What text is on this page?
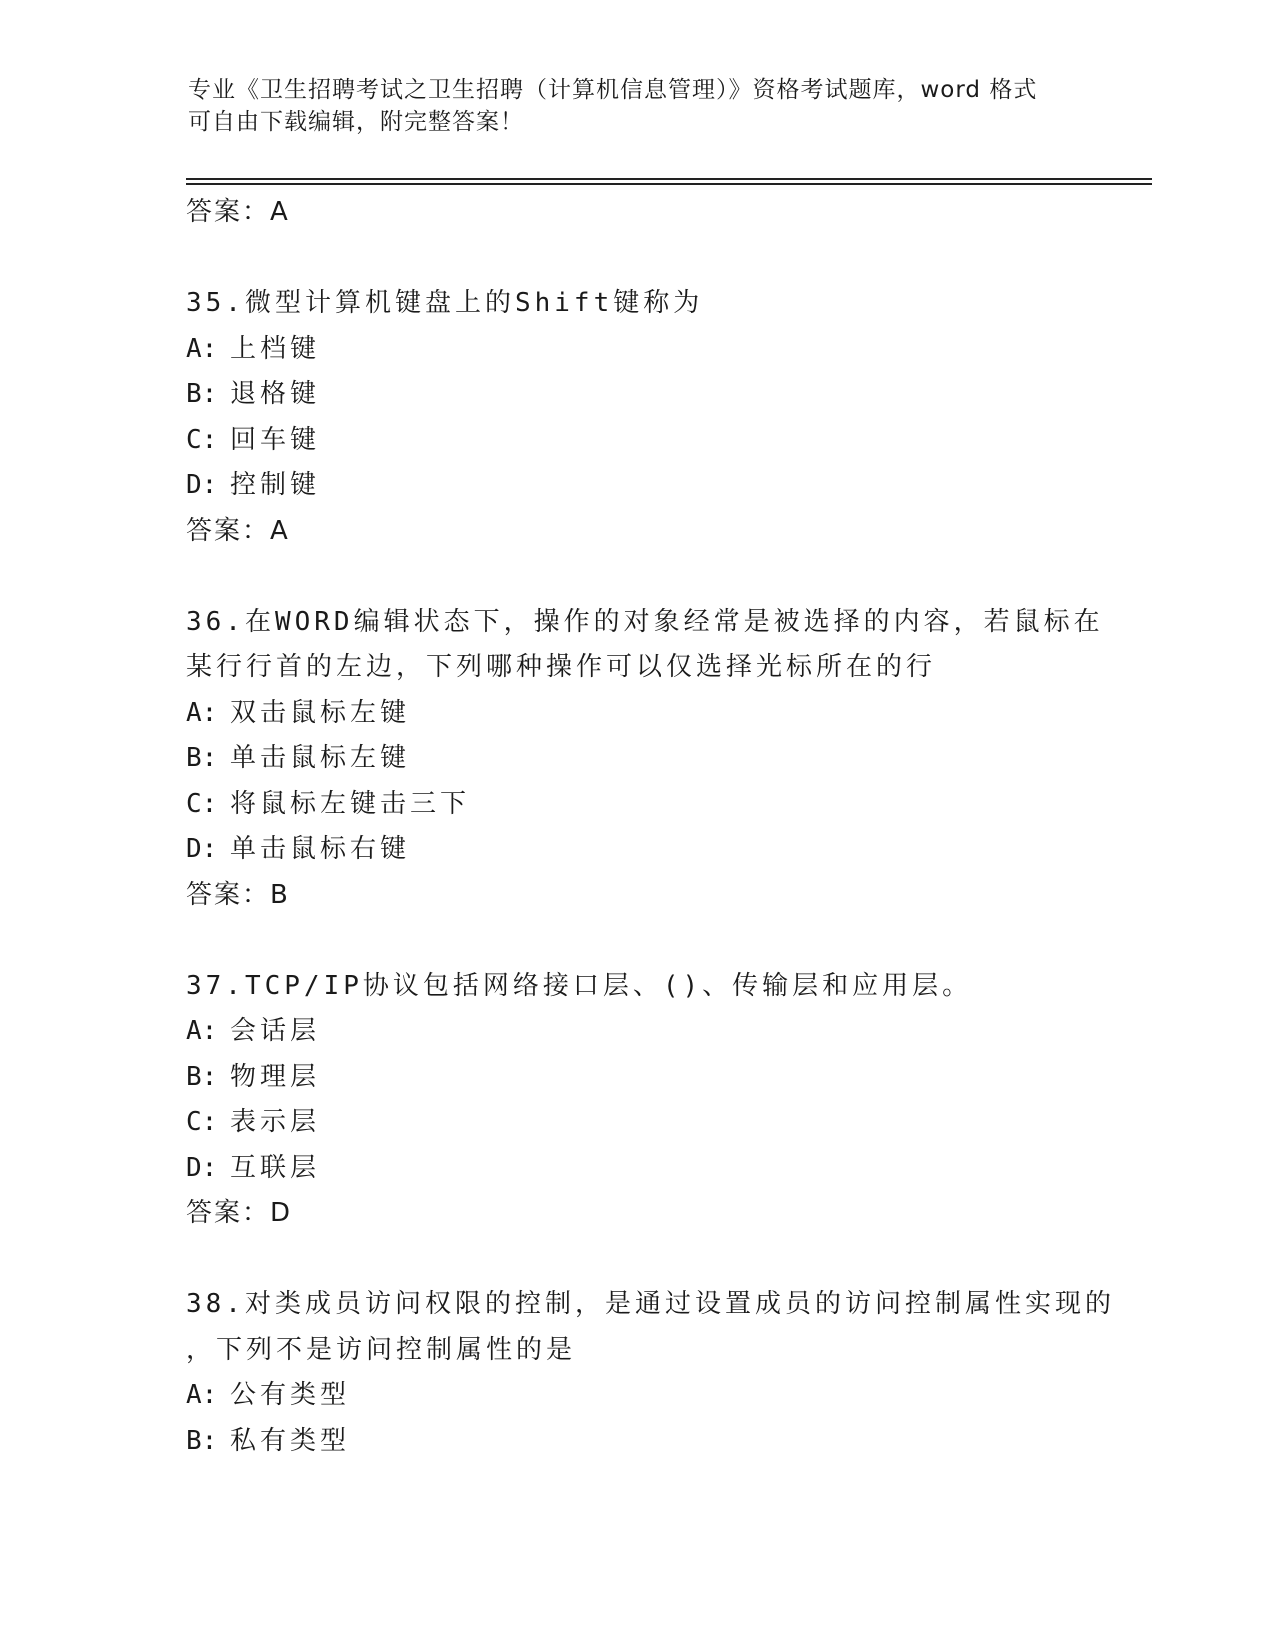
专业《卫生招聘考试之卫生招聘（计算机信息管理）》资格考试题库，word 格式
可自由下载编辑，附完整答案！
答案：A
35.微型计算机键盘上的Shift键称为
A: 上档键
B: 退格键
C: 回车键
D: 控制键
答案：A
36.在WORD编辑状态下，操作的对象经常是被选择的内容，若鼠标在
某行行首的左边，下列哪种操作可以仅选择光标所在的行
A: 双击鼠标左键
B: 单击鼠标左键
C: 将鼠标左键击三下
D: 单击鼠标右键
答案：B
37.TCP/IP协议包括网络接口层、()、传输层和应用层。
A: 会话层
B: 物理层
C: 表示层
D: 互联层
答案：D
38.对类成员访问权限的控制，是通过设置成员的访问控制属性实现的
，下列不是访问控制属性的是
A: 公有类型
B: 私有类型
